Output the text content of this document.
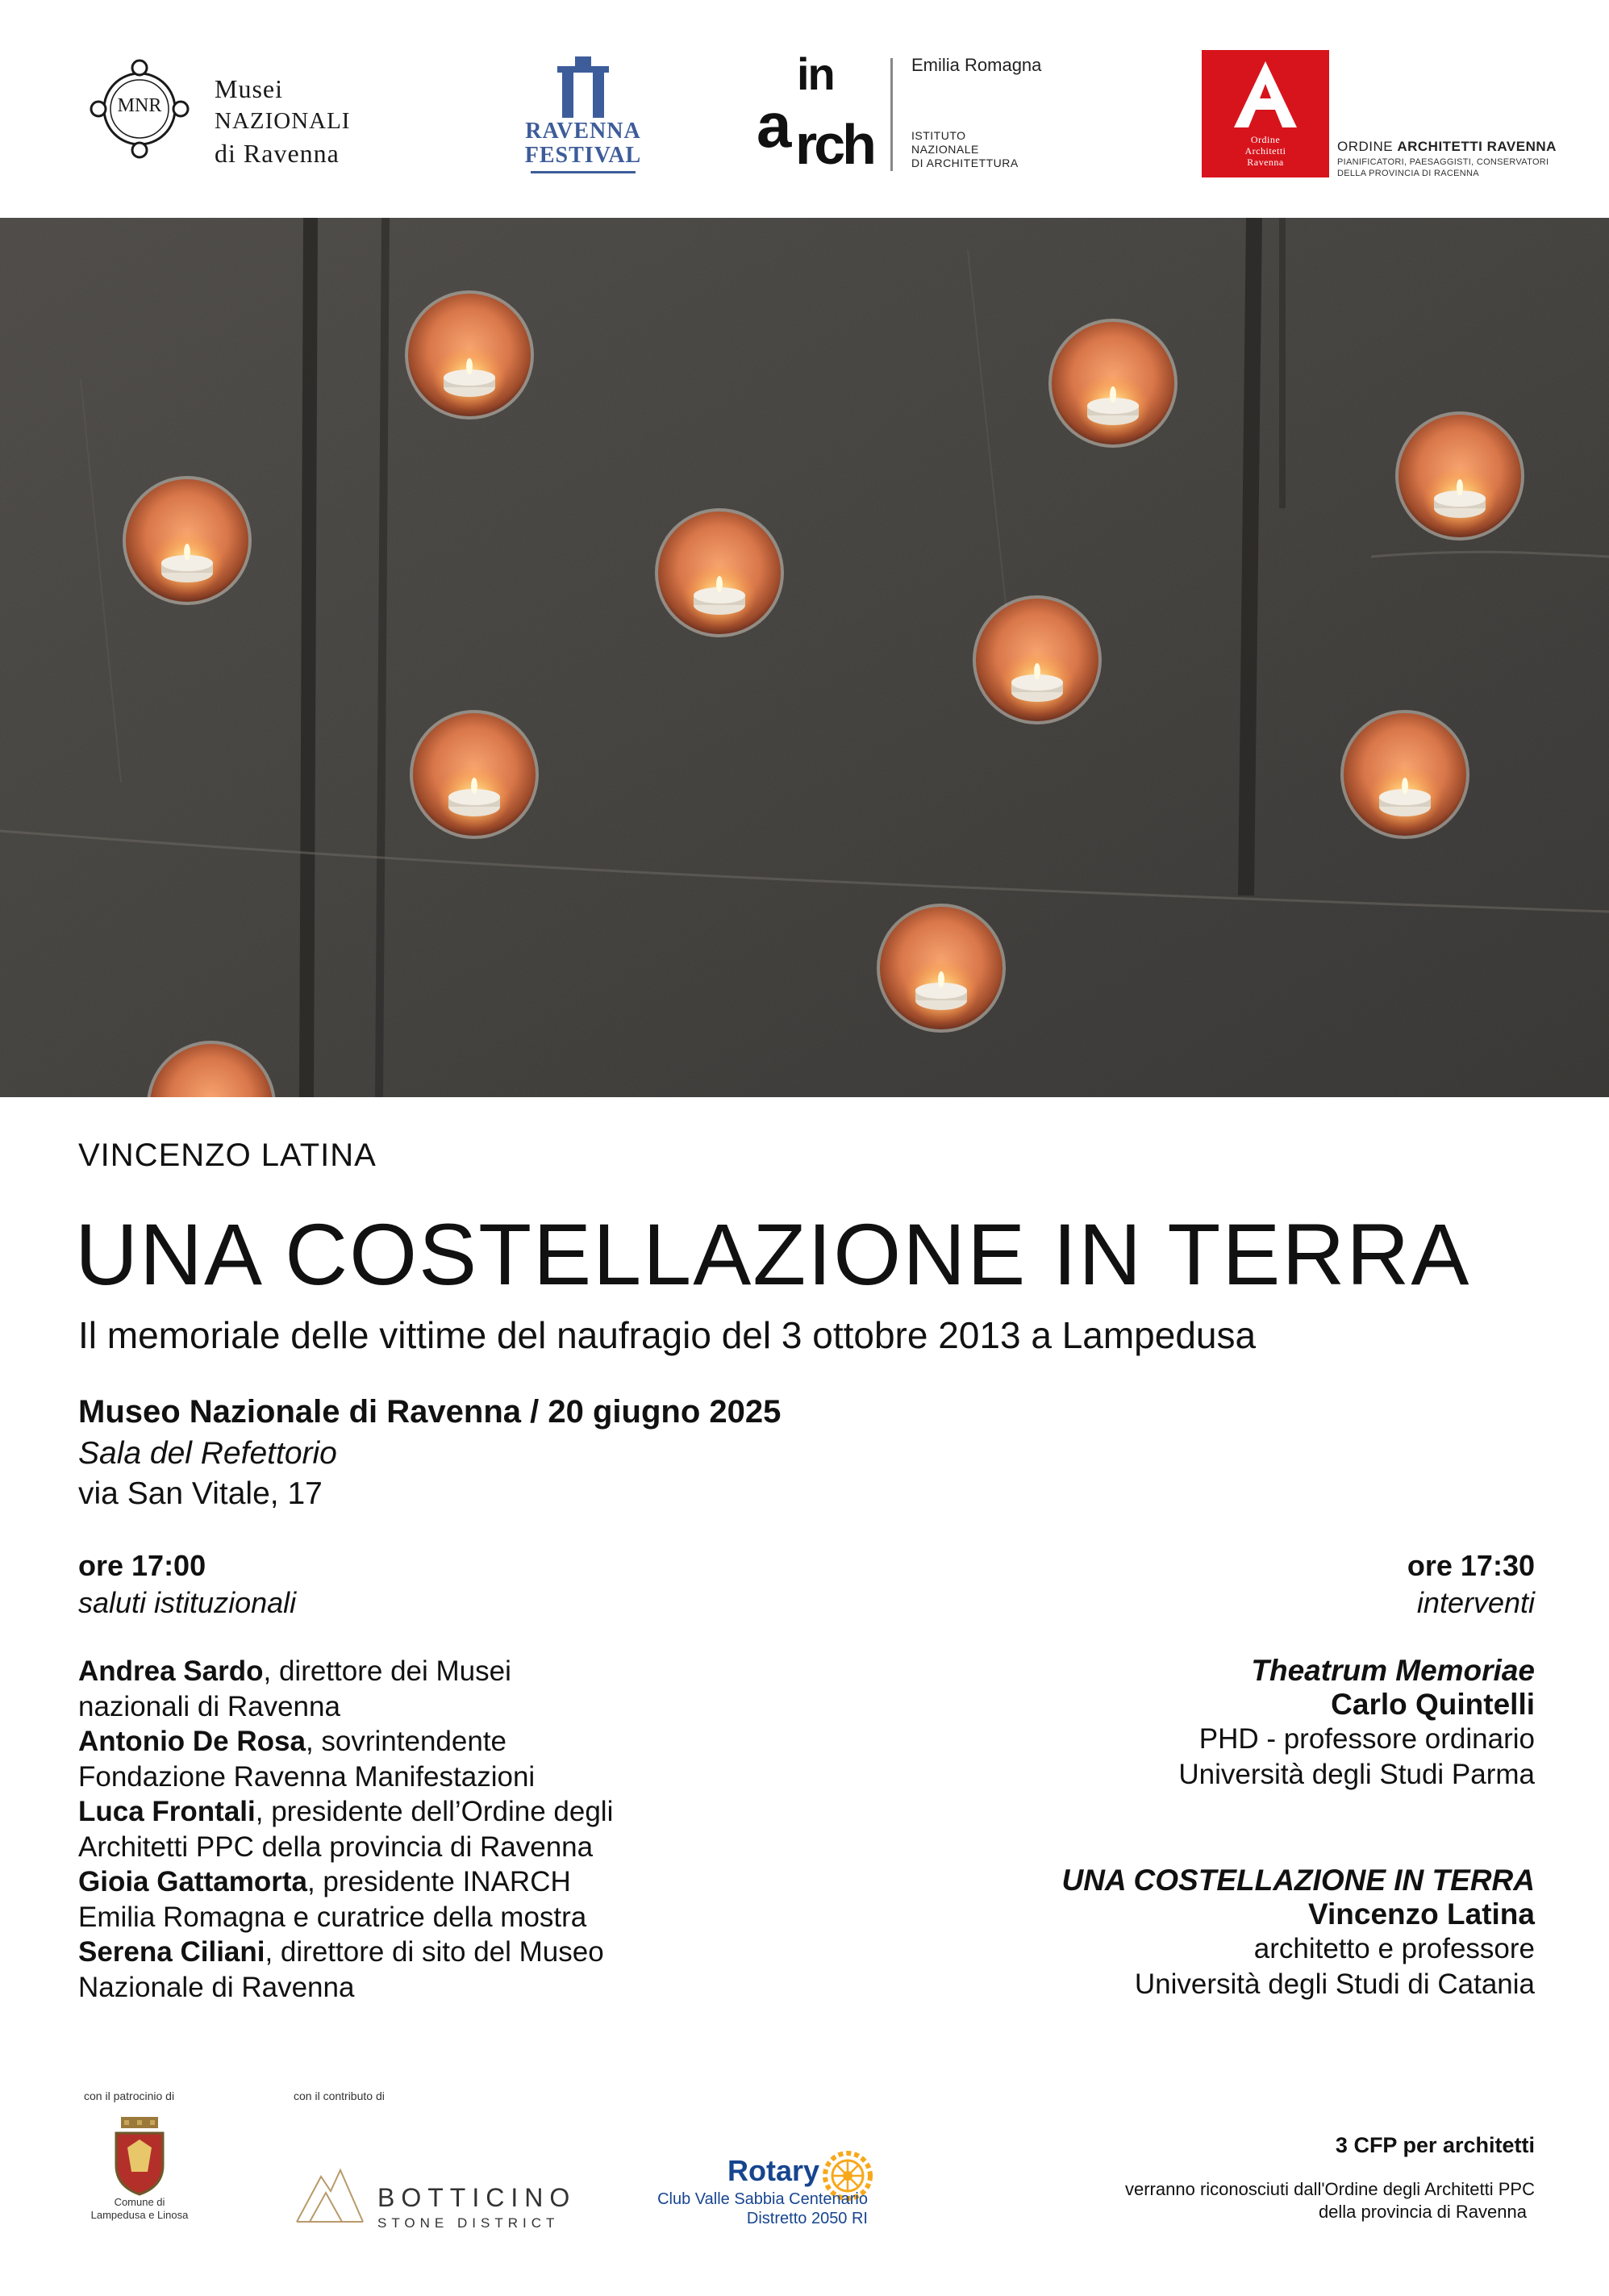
MNR
Musei
NAZIONALI
di Ravenna
RAVENNA
FESTIVAL
in
a rch
Emilia Romagna
ISTITUTO
NAZIONALE
DI ARCHITETTURA
Ordine
Architetti
Ravenna
ORDINE ARCHITETTI RAVENNA
PIANIFICATORI, PAESAGGISTI, CONSERVATORI
DELLA PROVINCIA DI RACENNA
VINCENZO LATINA
UNA COSTELLAZIONE IN TERRA
Il memoriale delle vittime del naufragio del 3 ottobre 2013 a Lampedusa
Museo Nazionale di Ravenna / 20 giugno 2025
Sala del Refettorio
via San Vitale, 17
ore 17:00
saluti istituzionali
Andrea Sardo, direttore dei Musei
nazionali di Ravenna
Antonio De Rosa, sovrintendente
Fondazione Ravenna Manifestazioni
Luca Frontali, presidente dell’Ordine degli
Architetti PPC della provincia di Ravenna
Gioia Gattamorta, presidente INARCH
Emilia Romagna e curatrice della mostra
Serena Ciliani, direttore di sito del Museo
Nazionale di Ravenna
ore 17:30
interventi
Theatrum Memoriae
Carlo Quintelli
PHD - professore ordinario
Università degli Studi Parma
UNA COSTELLAZIONE IN TERRA
Vincenzo Latina
architetto e professore
Università degli Studi di Catania
con il patrocinio di	con il contributo di
Comune di
Lampedusa e Linosa
BOTTICINO
STONE DISTRICT
Rotary
Club Valle Sabbia Centenario
Distretto 2050 RI
3 CFP per architetti
verranno riconosciuti dall'Ordine degli Architetti PPC
della provincia di Ravenna
